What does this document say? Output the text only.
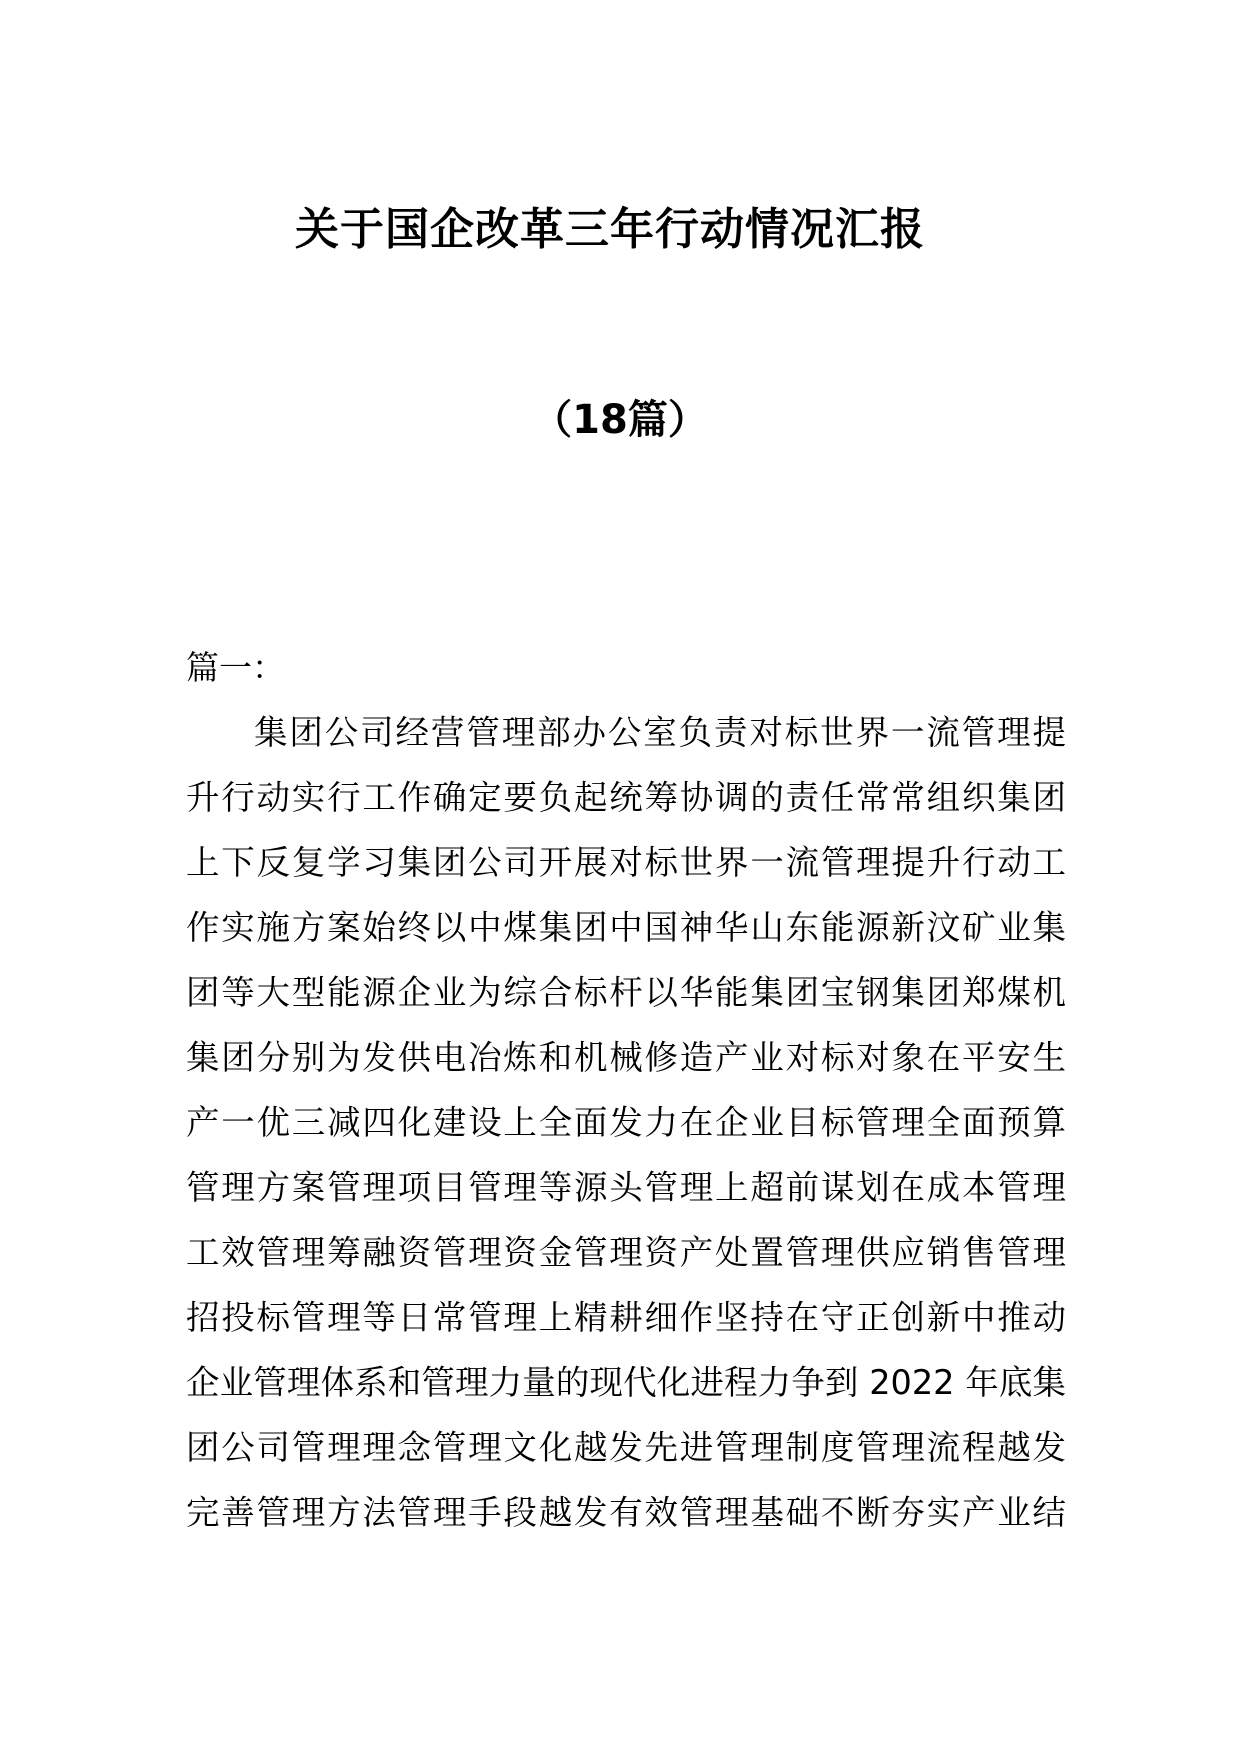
关于国企改革三年行动情况汇报
（18篇）
篇一：
集团公司经营管理部办公室负责对标世界一流管理提
升行动实行工作确定要负起统筹协调的责任常常组织集团
上下反复学习集团公司开展对标世界一流管理提升行动工
作实施方案始终以中煤集团中国神华山东能源新汶矿业集
团等大型能源企业为综合标杆以华能集团宝钢集团郑煤机
集团分别为发供电冶炼和机械修造产业对标对象在平安生
产一优三减四化建设上全面发力在企业目标管理全面预算
管理方案管理项目管理等源头管理上超前谋划在成本管理
工效管理筹融资管理资金管理资产处置管理供应销售管理
招投标管理等日常管理上精耕细作坚持在守正创新中推动
企业管理体系和管理力量的现代化进程力争到 2022 年底集
团公司管理理念管理文化越发先进管理制度管理流程越发
完善管理方法管理手段越发有效管理基础不断夯实产业结
